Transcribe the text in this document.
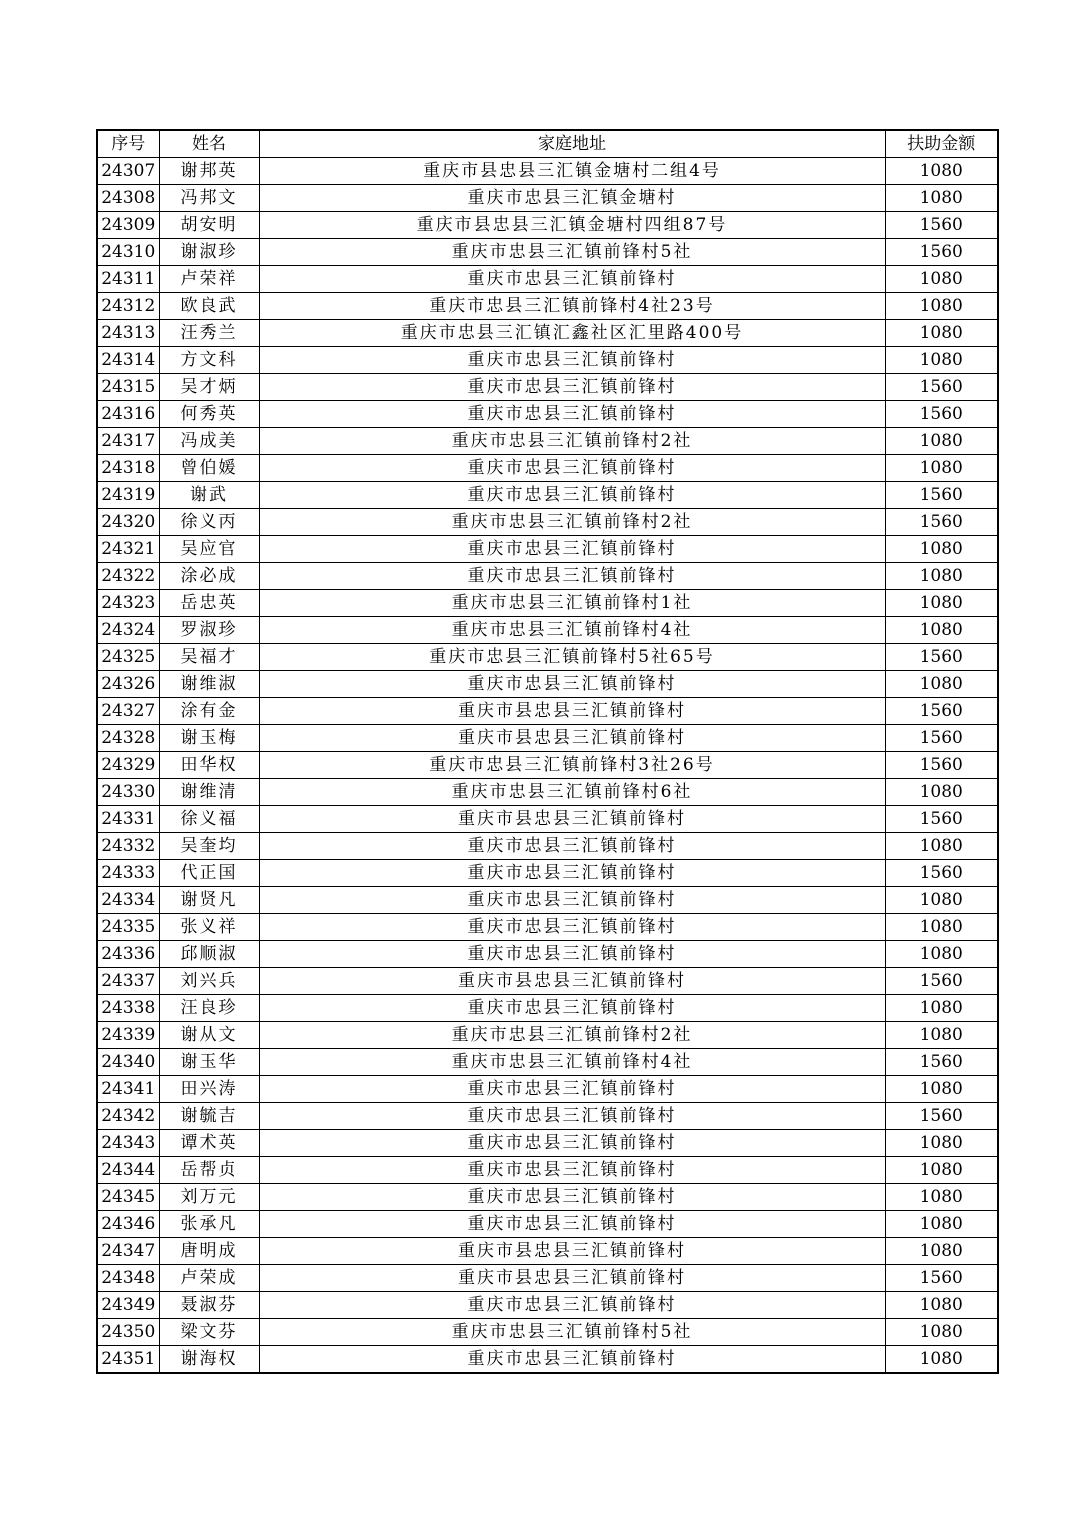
序号	姓名	家庭地址	扶助金额
24307	谢邦英	重庆市县忠县三汇镇金塘村二组4号	1080
24308	冯邦文	重庆市忠县三汇镇金塘村	1080
24309	胡安明	重庆市县忠县三汇镇金塘村四组87号	1560
24310	谢淑珍	重庆市忠县三汇镇前锋村5社	1560
24311	卢荣祥	重庆市忠县三汇镇前锋村	1080
24312	欧良武	重庆市忠县三汇镇前锋村4社23号	1080
24313	汪秀兰	重庆市忠县三汇镇汇鑫社区汇里路400号	1080
24314	方文科	重庆市忠县三汇镇前锋村	1080
24315	吴才炳	重庆市忠县三汇镇前锋村	1560
24316	何秀英	重庆市忠县三汇镇前锋村	1560
24317	冯成美	重庆市忠县三汇镇前锋村2社	1080
24318	曾伯媛	重庆市忠县三汇镇前锋村	1080
24319	谢武	重庆市忠县三汇镇前锋村	1560
24320	徐义丙	重庆市忠县三汇镇前锋村2社	1560
24321	吴应官	重庆市忠县三汇镇前锋村	1080
24322	涂必成	重庆市忠县三汇镇前锋村	1080
24323	岳忠英	重庆市忠县三汇镇前锋村1社	1080
24324	罗淑珍	重庆市忠县三汇镇前锋村4社	1080
24325	吴福才	重庆市忠县三汇镇前锋村5社65号	1560
24326	谢维淑	重庆市忠县三汇镇前锋村	1080
24327	涂有金	重庆市县忠县三汇镇前锋村	1560
24328	谢玉梅	重庆市县忠县三汇镇前锋村	1560
24329	田华权	重庆市忠县三汇镇前锋村3社26号	1560
24330	谢维清	重庆市忠县三汇镇前锋村6社	1080
24331	徐义福	重庆市县忠县三汇镇前锋村	1560
24332	吴奎均	重庆市忠县三汇镇前锋村	1080
24333	代正国	重庆市忠县三汇镇前锋村	1560
24334	谢贤凡	重庆市忠县三汇镇前锋村	1080
24335	张义祥	重庆市忠县三汇镇前锋村	1080
24336	邱顺淑	重庆市忠县三汇镇前锋村	1080
24337	刘兴兵	重庆市县忠县三汇镇前锋村	1560
24338	汪良珍	重庆市忠县三汇镇前锋村	1080
24339	谢从文	重庆市忠县三汇镇前锋村2社	1080
24340	谢玉华	重庆市忠县三汇镇前锋村4社	1560
24341	田兴涛	重庆市忠县三汇镇前锋村	1080
24342	谢毓吉	重庆市忠县三汇镇前锋村	1560
24343	谭术英	重庆市忠县三汇镇前锋村	1080
24344	岳帮贞	重庆市忠县三汇镇前锋村	1080
24345	刘万元	重庆市忠县三汇镇前锋村	1080
24346	张承凡	重庆市忠县三汇镇前锋村	1080
24347	唐明成	重庆市县忠县三汇镇前锋村	1080
24348	卢荣成	重庆市县忠县三汇镇前锋村	1560
24349	聂淑芬	重庆市忠县三汇镇前锋村	1080
24350	梁文芬	重庆市忠县三汇镇前锋村5社	1080
24351	谢海权	重庆市忠县三汇镇前锋村	1080
